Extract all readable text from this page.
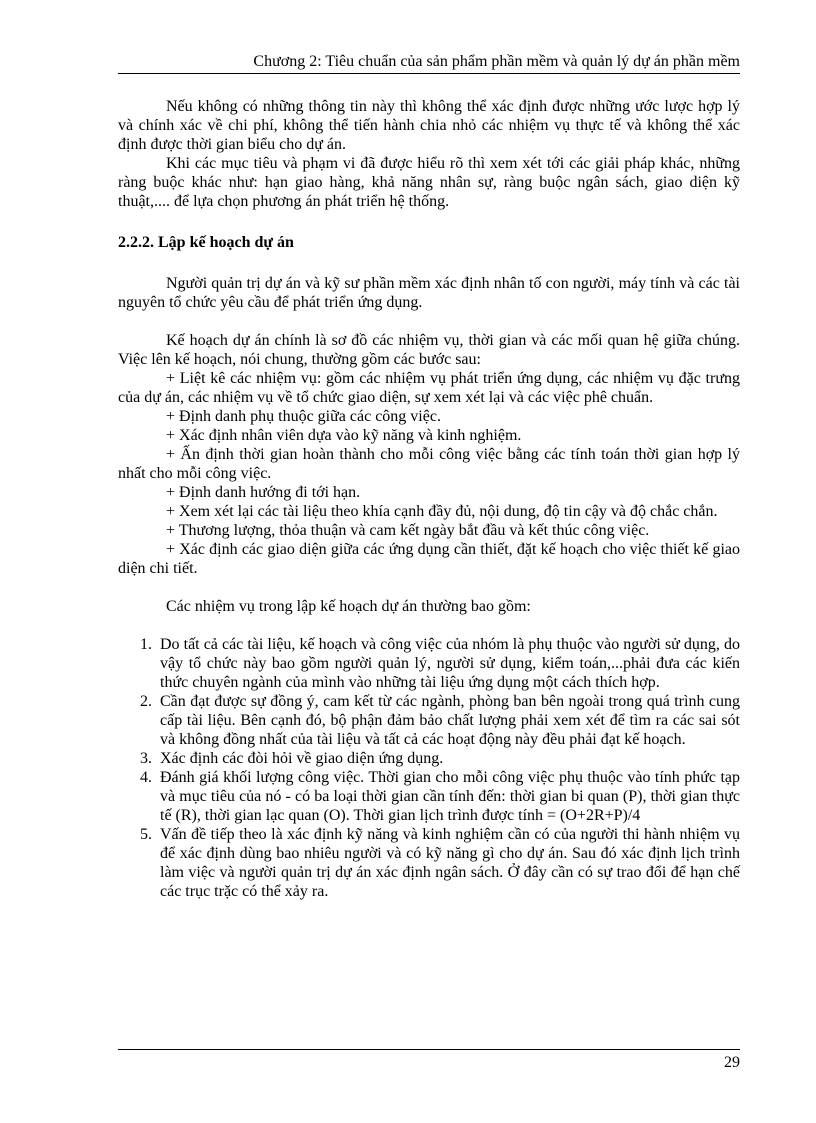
Chương 2: Tiêu chuẩn của sản phẩm phần mềm và quản lý dự án phần mềm

Nếu không có những thông tin này thì không thể xác định được những ước lược hợp lý và chính xác về chi phí, không thể tiến hành chia nhỏ các nhiệm vụ thực tế và không thể xác định được thời gian biểu cho dự án.

Khi các mục tiêu và phạm vi đã được hiểu rõ thì xem xét tới các giải pháp khác, những ràng buộc khác như: hạn giao hàng, khả năng nhân sự, ràng buộc ngân sách, giao diện kỹ thuật,.... để lựa chọn phương án phát triển hệ thống.

2.2.2. Lập kế hoạch dự án

Người quản trị dự án và kỹ sư phần mềm xác định nhân tố con người, máy tính và các tài nguyên tổ chức yêu cầu để phát triển ứng dụng.

Kế hoạch dự án chính là sơ đồ các nhiệm vụ, thời gian và các mối quan hệ giữa chúng. Việc lên kế hoạch, nói chung, thường gồm các bước sau:

+ Liệt kê các nhiệm vụ: gồm các nhiệm vụ phát triển ứng dụng, các nhiệm vụ đặc trưng của dự án, các nhiệm vụ về tổ chức giao diện, sự xem xét lại và các việc phê chuẩn.

+ Định danh phụ thuộc giữa các công việc.

+ Xác định nhân viên dựa vào kỹ năng và kinh nghiệm.

+ Ấn định thời gian hoàn thành cho mỗi công việc bằng các tính toán thời gian hợp lý nhất cho mỗi công việc.

+ Định danh hướng đi tới hạn.

+ Xem xét lại các tài liệu theo khía cạnh đầy đủ, nội dung, độ tin cậy và độ chắc chắn.

+ Thương lượng, thỏa thuận và cam kết ngày bắt đầu và kết thúc công việc.

+ Xác định các giao diện giữa các ứng dụng cần thiết, đặt kế hoạch cho việc thiết kế giao diện chi tiết.

Các nhiệm vụ trong lập kế hoạch dự án thường bao gồm:

1. Do tất cả các tài liệu, kế hoạch và công việc của nhóm là phụ thuộc vào người sử dụng, do vậy tổ chức này bao gồm người quản lý, người sử dụng, kiểm toán,...phải đưa các kiến thức chuyên ngành của mình vào những tài liệu ứng dụng một cách thích hợp.
2. Cần đạt được sự đồng ý, cam kết từ các ngành, phòng ban bên ngoài trong quá trình cung cấp tài liệu. Bên cạnh đó, bộ phận đảm bảo chất lượng phải xem xét để tìm ra các sai sót và không đồng nhất của tài liệu và tất cả các hoạt động này đều phải đạt kế hoạch.
3. Xác định các đòi hỏi về giao diện ứng dụng.
4. Đánh giá khối lượng công việc. Thời gian cho mỗi công việc phụ thuộc vào tính phức tạp và mục tiêu của nó - có ba loại thời gian cần tính đến: thời gian bi quan (P), thời gian thực tế (R), thời gian lạc quan (O). Thời gian lịch trình được tính = (O+2R+P)/4
5. Vấn đề tiếp theo là xác định kỹ năng và kinh nghiệm cần có của người thi hành nhiệm vụ để xác định dùng bao nhiêu người và có kỹ năng gì cho dự án. Sau đó xác định lịch trình làm việc và người quản trị dự án xác định ngân sách. Ở đây cần có sự trao đổi để hạn chế các trục trặc có thể xảy ra.
29
